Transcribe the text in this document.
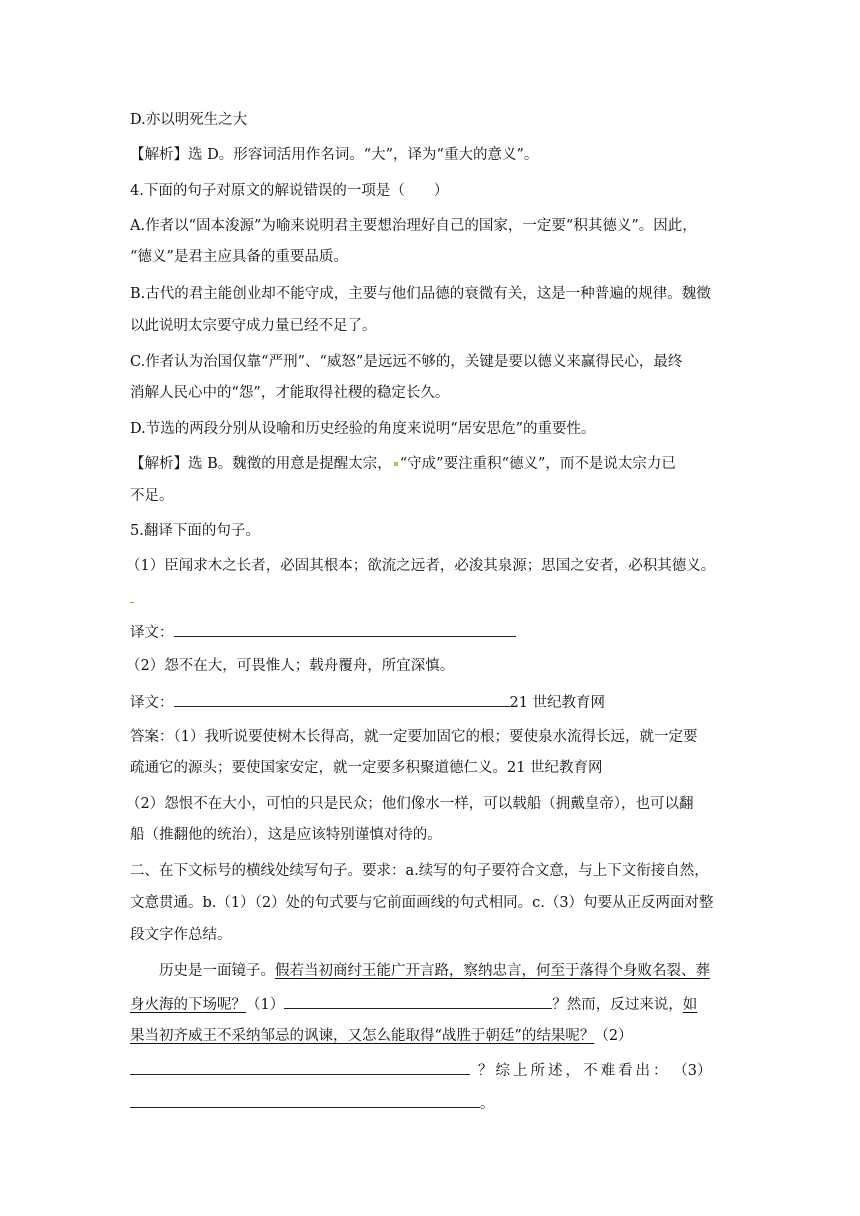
D.亦以明死生之大
【解析】选 D。形容词活用作名词。“大”，译为“重大的意义”。
4.下面的句子对原文的解说错误的一项是（　　）
A.作者以“固本浚源”为喻来说明君主要想治理好自己的国家，一定要“积其德义”。因此，
“德义”是君主应具备的重要品质。
B.古代的君主能创业却不能守成，主要与他们品德的衰微有关，这是一种普遍的规律。魏徵
以此说明太宗要守成力量已经不足了。
C.作者认为治国仅靠“严刑”、“威怒”是远远不够的，关键是要以德义来赢得民心，最终
消解人民心中的“怨”，才能取得社稷的稳定长久。
D.节选的两段分别从设喻和历史经验的角度来说明“居安思危”的重要性。
【解析】选 B。魏徵的用意是提醒太宗， “守成”要注重积“德义”，而不是说太宗力已
不足。
5.翻译下面的句子。
（1）臣闻求木之长者，必固其根本；欲流之远者，必浚其泉源；思国之安者，必积其德义。
译文：
（2）怨不在大，可畏惟人；载舟覆舟，所宜深慎。
译文：	21 世纪教育网
答案：（1）我听说要使树木长得高，就一定要加固它的根；要使泉水流得长远，就一定要
疏通它的源头；要使国家安定，就一定要多积聚道德仁义。21 世纪教育网
（2）怨恨不在大小，可怕的只是民众；他们像水一样，可以载船（拥戴皇帝），也可以翻
船（推翻他的统治），这是应该特别谨慎对待的。
二、在下文标号的横线处续写句子。要求：a.续写的句子要符合文意，与上下文衔接自然，
文意贯通。b.（1）（2）处的句式要与它前面画线的句式相同。c.（3）句要从正反两面对整
段文字作总结。
历史是一面镜子。假若当初商纣王能广开言路，察纳忠言，何至于落得个身败名裂、葬
身火海的下场呢？（1）	？然而，反过来说，如
果当初齐威王不采纳邹忌的讽谏，又怎么能取得“战胜于朝廷”的结果呢？（2）
？综上所述，不难看出： （3）
。
